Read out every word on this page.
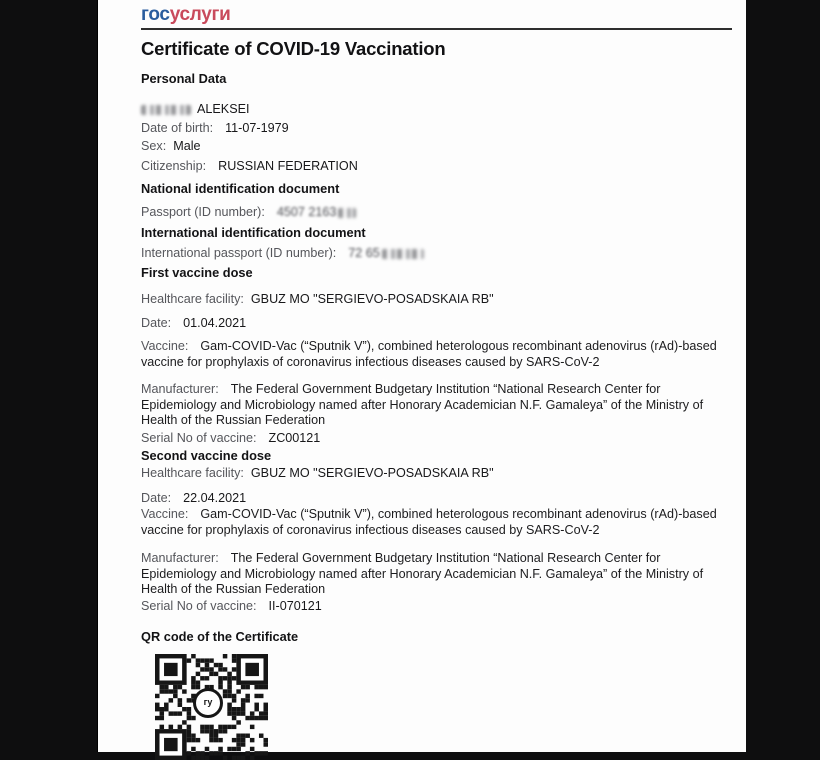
госуслуги
Certificate of COVID-19 Vaccination
Personal Data
ALEKSEI
Date of birth: 11-07-1979
Sex: Male
Citizenship: RUSSIAN FEDERATION
National identification document
Passport (ID number): 4507 2163
International identification document
International passport (ID number): 72 65
First vaccine dose
Healthcare facility: GBUZ MO "SERGIEVO-POSADSKAIA RB"
Date: 01.04.2021

Vaccine: Gam-COVID-Vac (“Sputnik V”), combined heterologous recombinant adenovirus (rAd)-based vaccine for prophylaxis of coronavirus infectious diseases caused by SARS-CoV-2

Manufacturer: The Federal Government Budgetary Institution “National Research Center for Epidemiology and Microbiology named after Honorary Academician N.F. Gamaleya” of the Ministry of Health of the Russian Federation

Serial No of vaccine: ZC00121
Second vaccine dose
Healthcare facility: GBUZ MO "SERGIEVO-POSADSKAIA RB"
Date: 22.04.2021

Vaccine: Gam-COVID-Vac (“Sputnik V”), combined heterologous recombinant adenovirus (rAd)-based vaccine for prophylaxis of coronavirus infectious diseases caused by SARS-CoV-2

Manufacturer: The Federal Government Budgetary Institution “National Research Center for Epidemiology and Microbiology named after Honorary Academician N.F. Gamaleya” of the Ministry of Health of the Russian Federation

Serial No of vaccine: II-070121
QR code of the Certificate
гу
